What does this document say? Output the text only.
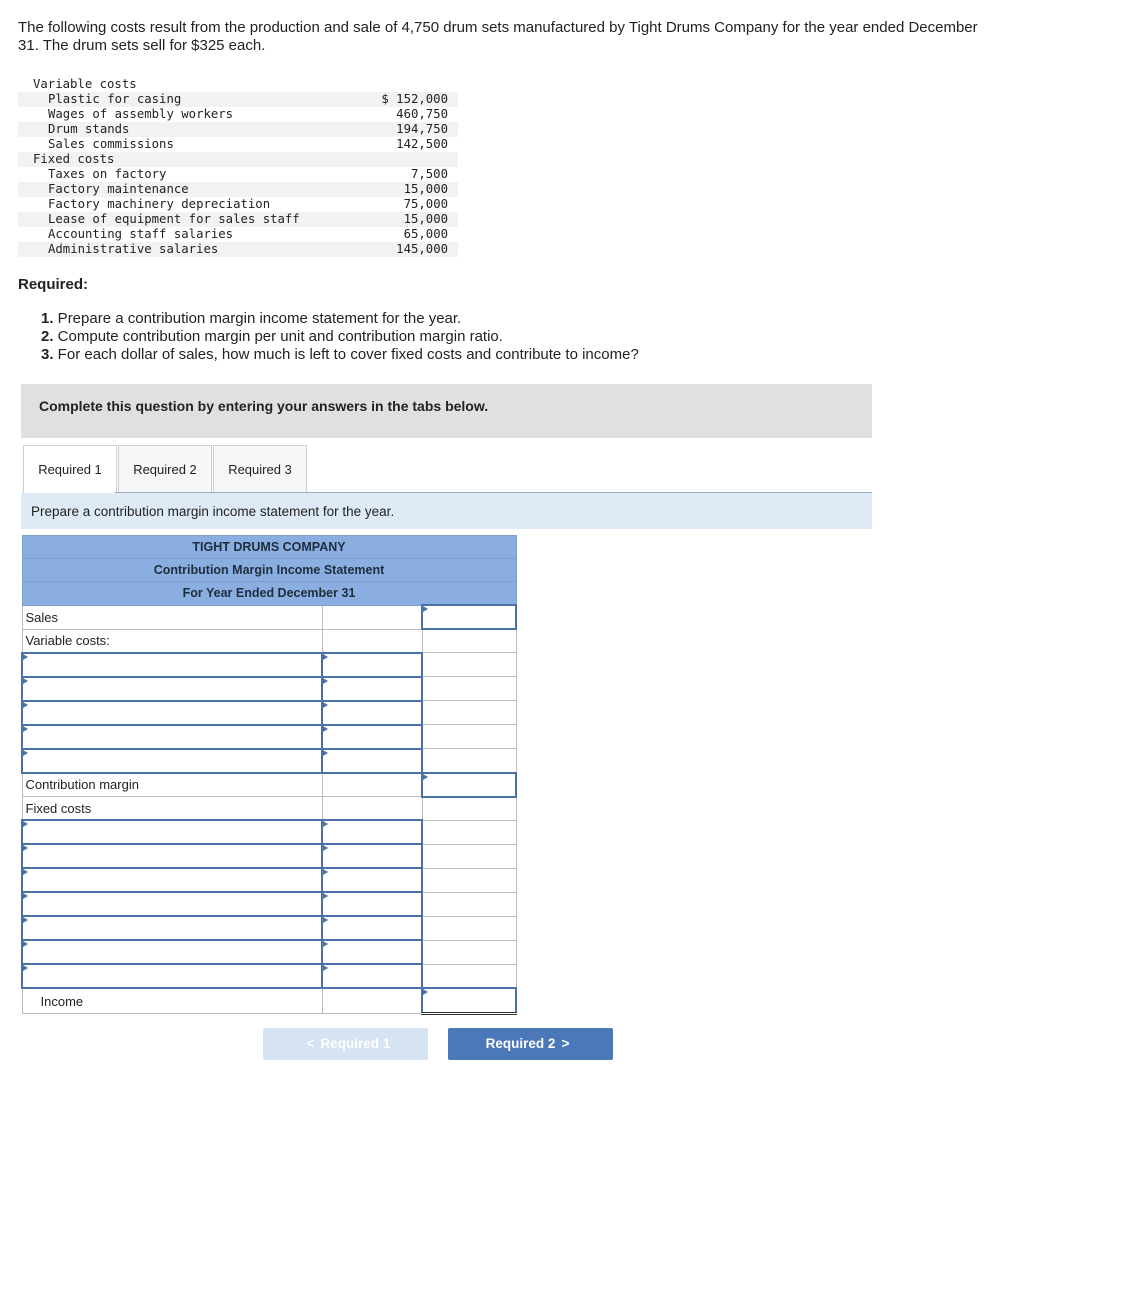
The following costs result from the production and sale of 4,750 drum sets manufactured by Tight Drums Company for the year ended December 31. The drum sets sell for $325 each.
Variable costs
Plastic for casing	$ 152,000
Wages of assembly workers	460,750
Drum stands	194,750
Sales commissions	142,500
Fixed costs
Taxes on factory	7,500
Factory maintenance	15,000
Factory machinery depreciation	75,000
Lease of equipment for sales staff	15,000
Accounting staff salaries	65,000
Administrative salaries	145,000
Required:
1. Prepare a contribution margin income statement for the year.
2. Compute contribution margin per unit and contribution margin ratio.
3. For each dollar of sales, how much is left to cover fixed costs and contribute to income?
Complete this question by entering your answers in the tabs below.
Required 1	Required 2	Required 3
Prepare a contribution margin income statement for the year.
TIGHT DRUMS COMPANY		
Contribution Margin Income Statement		
For Year Ended December 31		
Sales		
Variable costs:		

Contribution margin		
Fixed costs		

Income		
< Required 1	Required 2 >
